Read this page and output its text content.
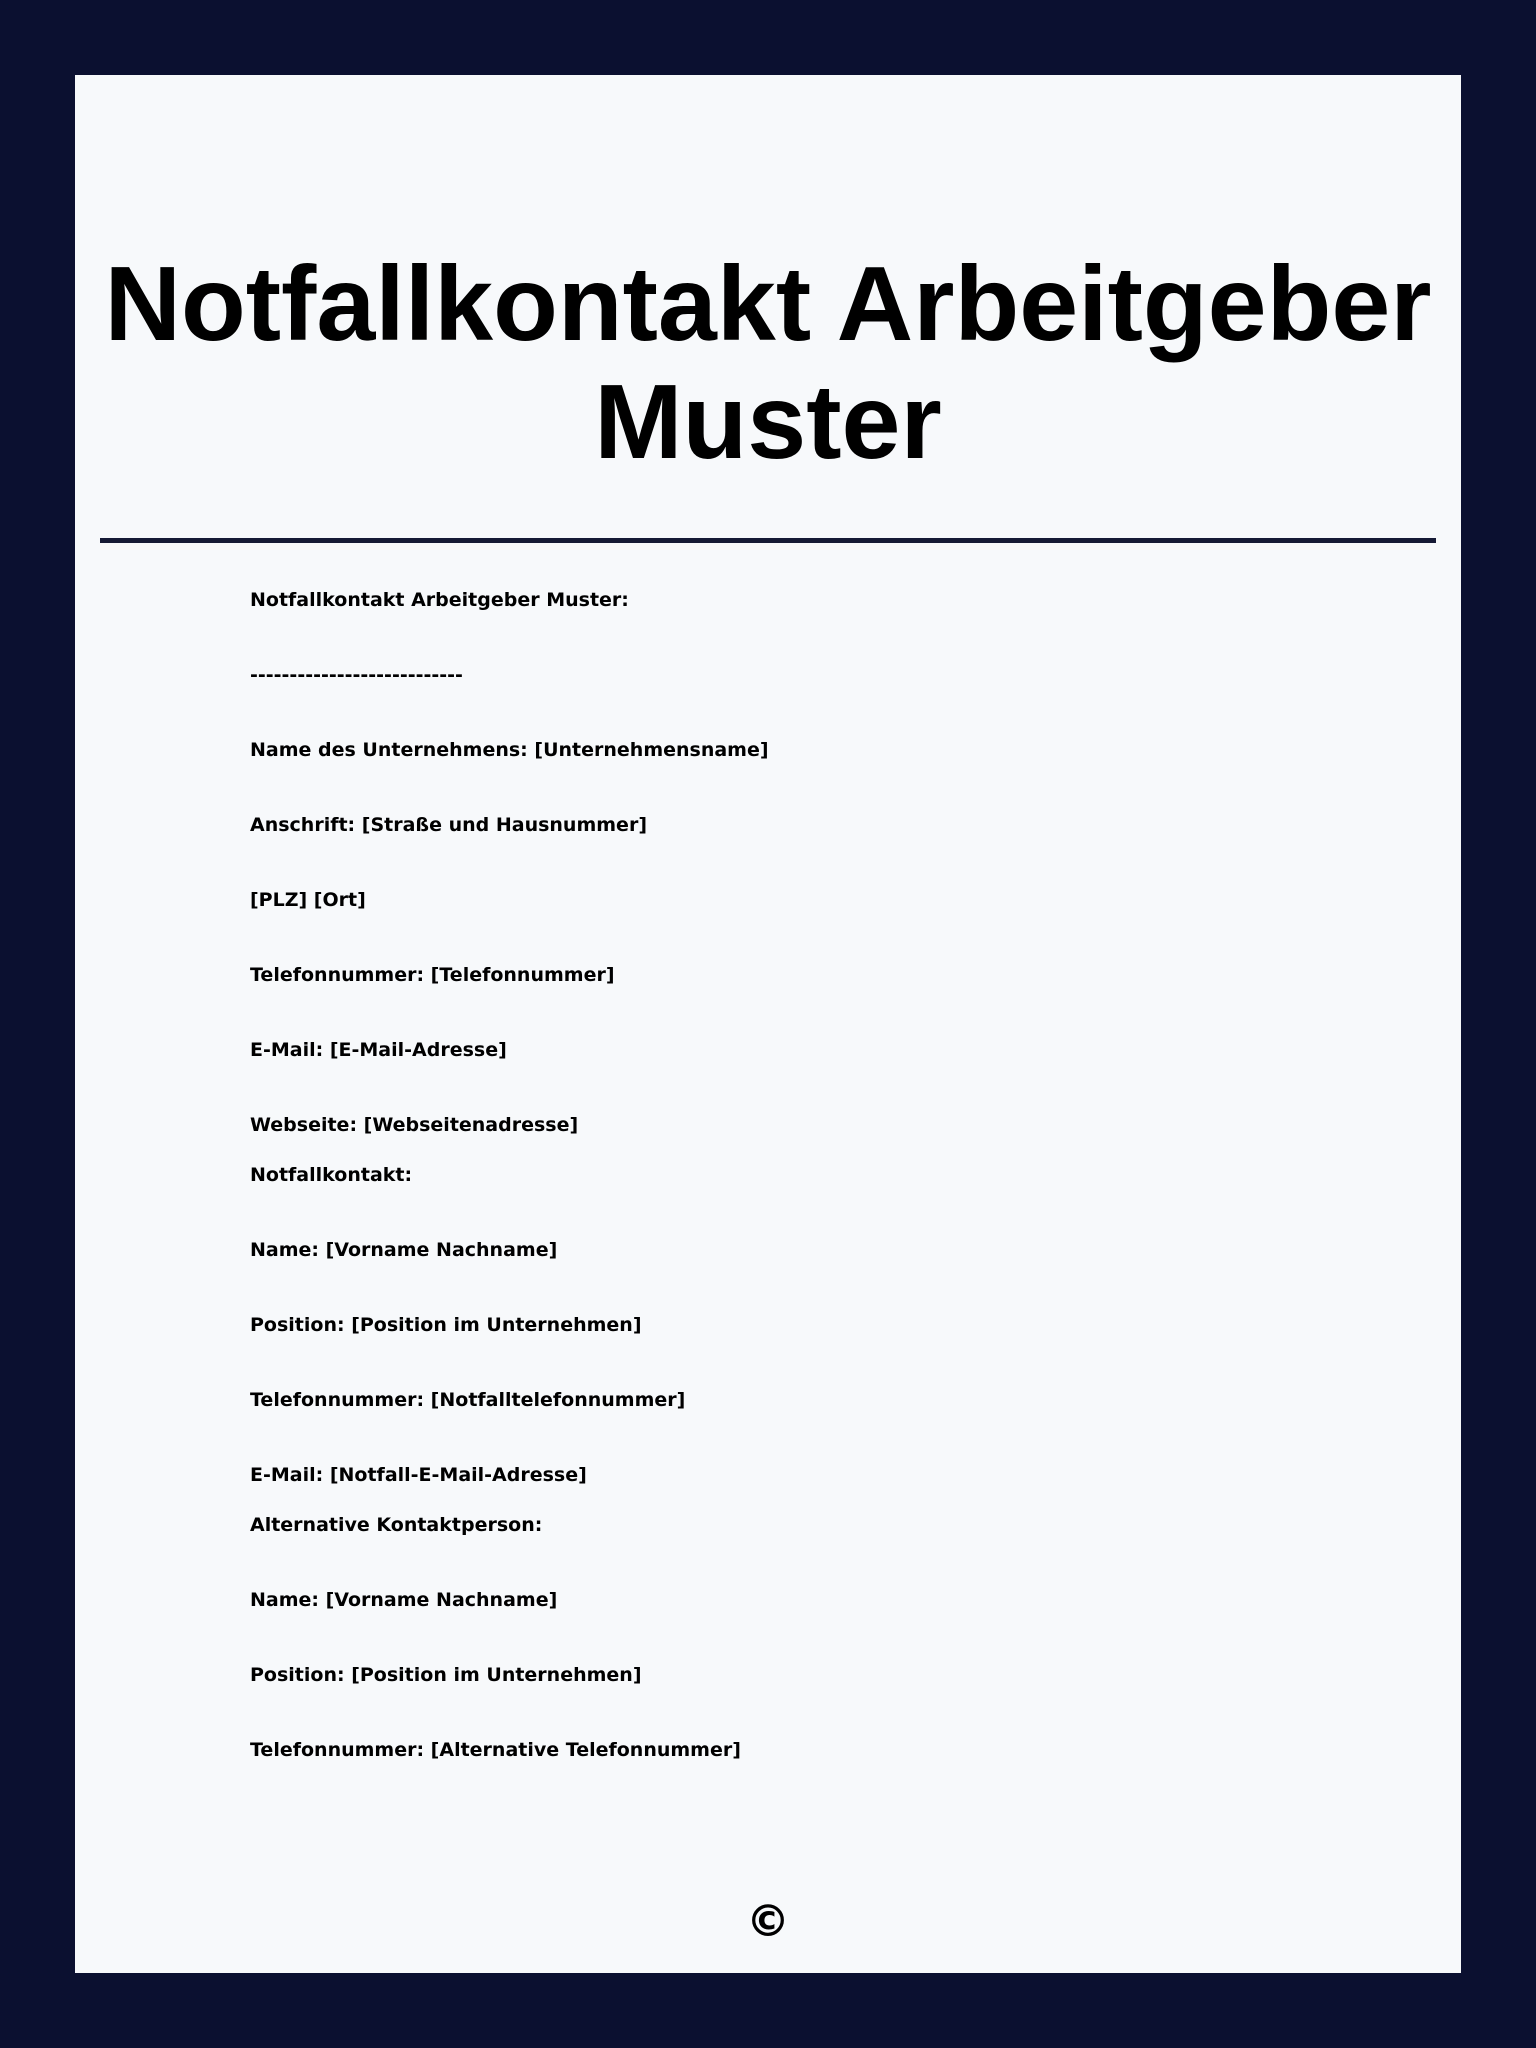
Notfallkontakt Arbeitgeber Muster
Notfallkontakt Arbeitgeber Muster:
---------------------------
Name des Unternehmens: [Unternehmensname]
Anschrift: [Straße und Hausnummer]
[PLZ] [Ort]
Telefonnummer: [Telefonnummer]
E-Mail: [E-Mail-Adresse]
Webseite: [Webseitenadresse]
Notfallkontakt:
Name: [Vorname Nachname]
Position: [Position im Unternehmen]
Telefonnummer: [Notfalltelefonnummer]
E-Mail: [Notfall-E-Mail-Adresse]
Alternative Kontaktperson:
Name: [Vorname Nachname]
Position: [Position im Unternehmen]
Telefonnummer: [Alternative Telefonnummer]
©
